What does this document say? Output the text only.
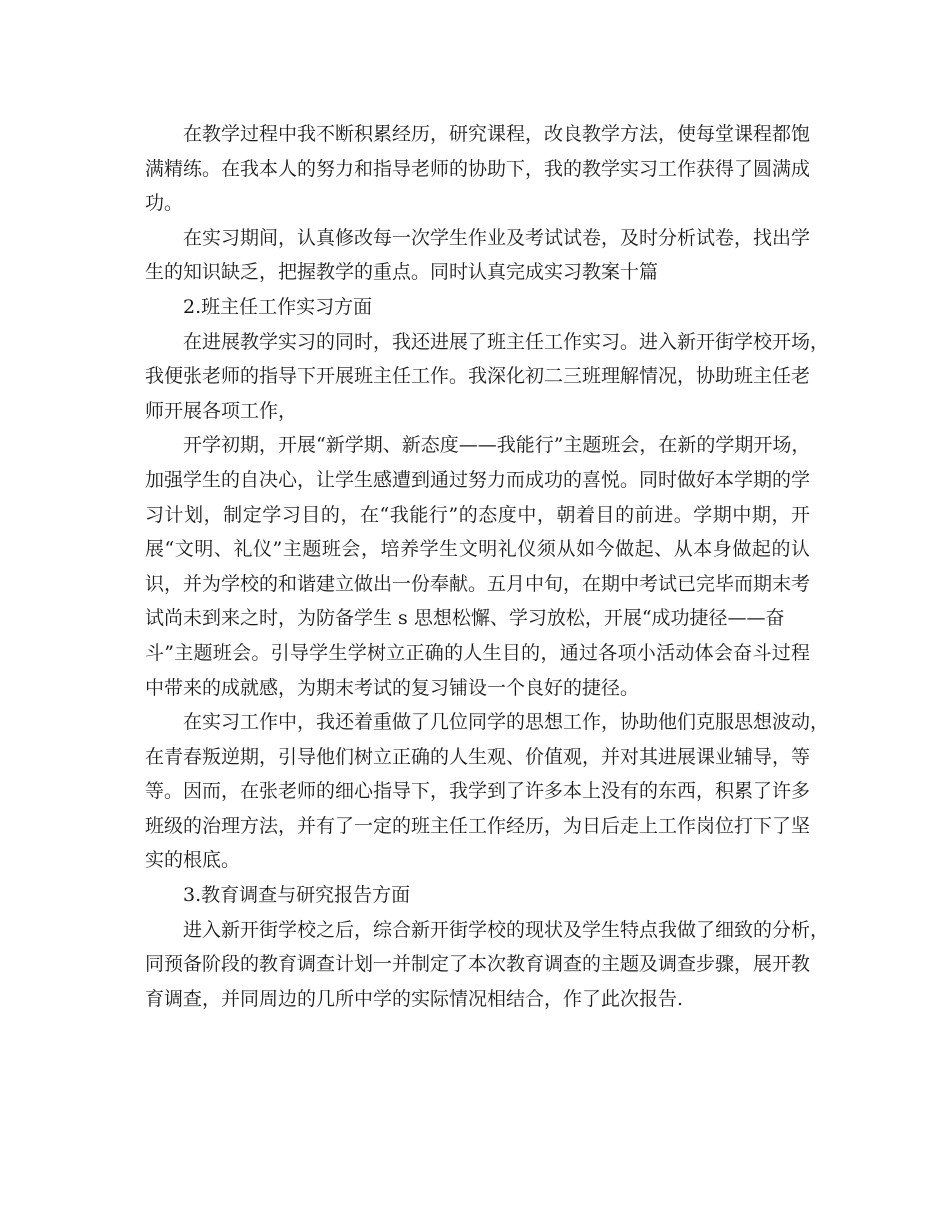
在教学过程中我不断积累经历，研究课程，改良教学方法，使每堂课程都饱
满精练。在我本人的努力和指导老师的协助下，我的教学实习工作获得了圆满成
功。
在实习期间，认真修改每一次学生作业及考试试卷，及时分析试卷，找出学
生的知识缺乏，把握教学的重点。同时认真完成实习教案十篇
2.班主任工作实习方面
在进展教学实习的同时，我还进展了班主任工作实习。进入新开街学校开场，
我便张老师的指导下开展班主任工作。我深化初二三班理解情况，协助班主任老
师开展各项工作，
开学初期，开展“新学期、新态度——我能行”主题班会，在新的学期开场，
加强学生的自决心，让学生感遭到通过努力而成功的喜悦。同时做好本学期的学
习计划，制定学习目的，在“我能行”的态度中，朝着目的前进。学期中期，开
展“文明、礼仪”主题班会，培养学生文明礼仪须从如今做起、从本身做起的认
识，并为学校的和谐建立做出一份奉献。五月中旬，在期中考试已完毕而期末考
试尚未到来之时，为防备学生 s 思想松懈、学习放松，开展“成功捷径——奋
斗”主题班会。引导学生学树立正确的人生目的，通过各项小活动体会奋斗过程
中带来的成就感，为期末考试的复习铺设一个良好的捷径。
在实习工作中，我还着重做了几位同学的思想工作，协助他们克服思想波动，
在青春叛逆期，引导他们树立正确的人生观、价值观，并对其进展课业辅导，等
等。因而，在张老师的细心指导下，我学到了许多本上没有的东西，积累了许多
班级的治理方法，并有了一定的班主任工作经历，为日后走上工作岗位打下了坚
实的根底。
3.教育调查与研究报告方面
进入新开街学校之后，综合新开街学校的现状及学生特点我做了细致的分析，
同预备阶段的教育调查计划一并制定了本次教育调查的主题及调查步骤，展开教
育调查，并同周边的几所中学的实际情况相结合，作了此次报告.
